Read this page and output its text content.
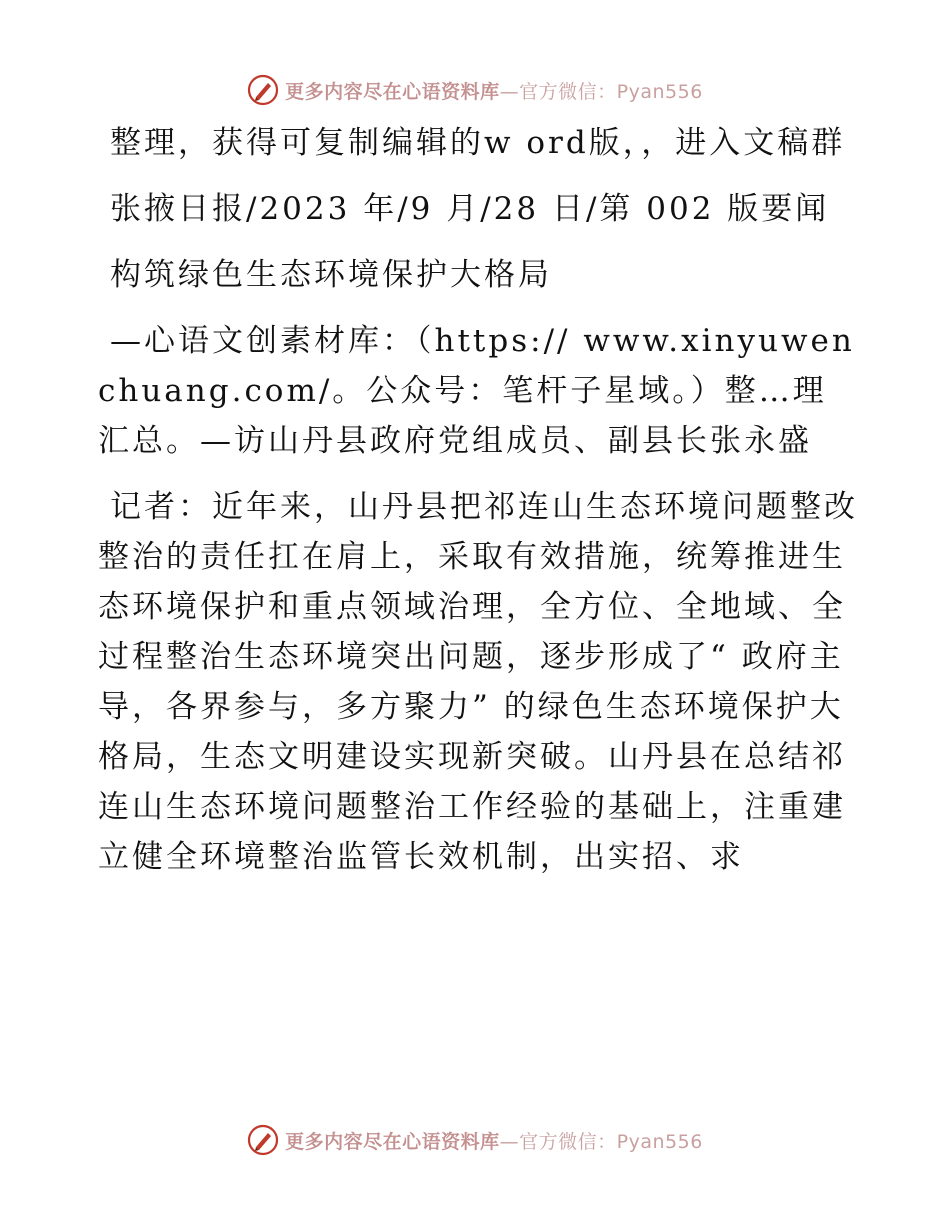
更多内容尽在心语资料库—官方微信：Pyan556

整理，获得可复制编辑的w ord版，，进入文稿群

张掖日报/2023 年/9 月/28 日/第 002 版要闻

构筑绿色生态环境保护大格局

—心语文创素材库：（https:// www.xinyuwenchuang.com/。公众号：笔杆子星域。）整…理汇总。—访山丹县政府党组成员、副县长张永盛

记者：近年来，山丹县把祁连山生态环境问题整改整治的责任扛在肩上，采取有效措施，统筹推进生态环境保护和重点领域治理，全方位、全地域、全过程整治生态环境突出问题，逐步形成了“ 政府主导，各界参与，多方聚力” 的绿色生态环境保护大格局，生态文明建设实现新突破。山丹县在总结祁连山生态环境问题整治工作经验的基础上，注重建立健全环境整治监管长效机制，出实招、求

更多内容尽在心语资料库—官方微信：Pyan556
